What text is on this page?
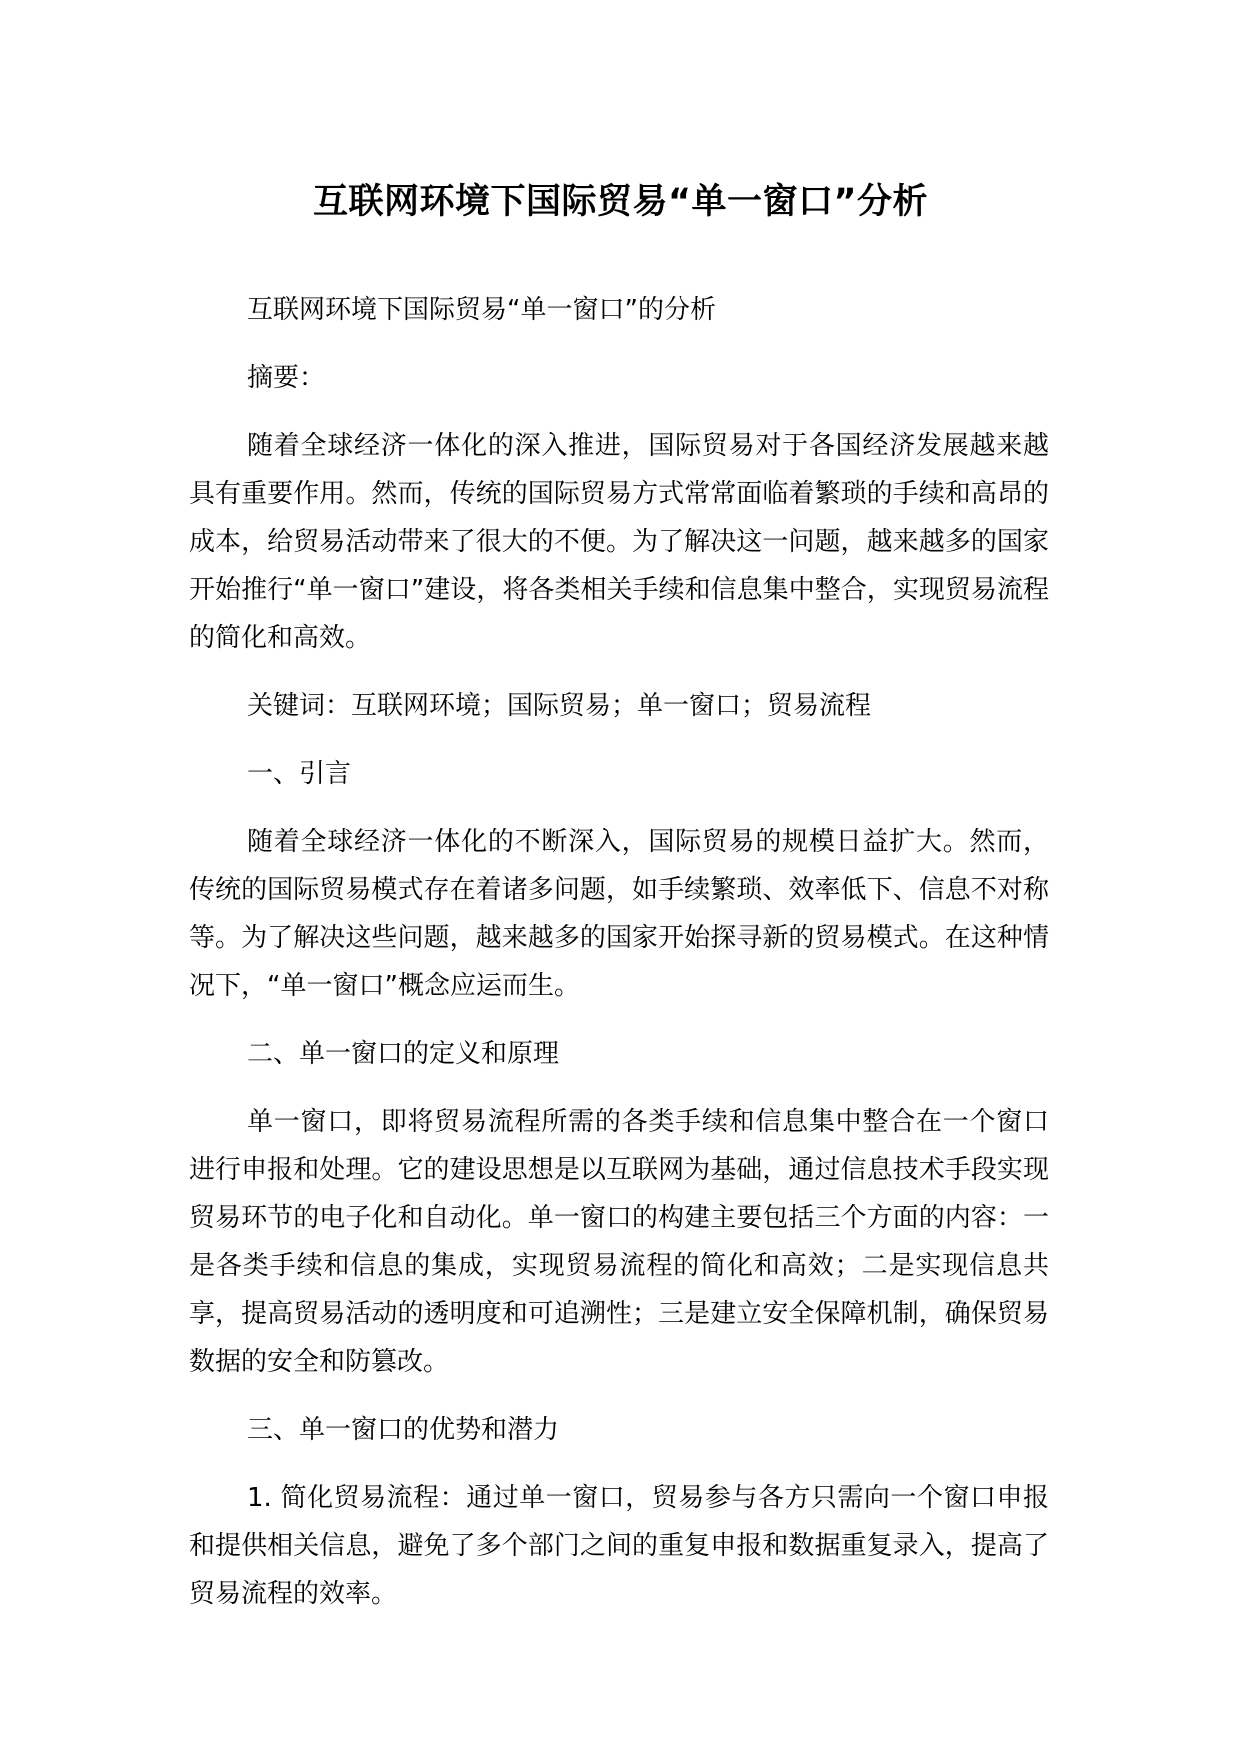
互联网环境下国际贸易“单一窗口”分析

互联网环境下国际贸易“单一窗口”的分析

摘要：

随着全球经济一体化的深入推进，国际贸易对于各国经济发展越来越具有重要作用。然而，传统的国际贸易方式常常面临着繁琐的手续和高昂的成本，给贸易活动带来了很大的不便。为了解决这一问题，越来越多的国家开始推行“单一窗口”建设，将各类相关手续和信息集中整合，实现贸易流程的简化和高效。

关键词：互联网环境；国际贸易；单一窗口；贸易流程

一、引言

随着全球经济一体化的不断深入，国际贸易的规模日益扩大。然而，传统的国际贸易模式存在着诸多问题，如手续繁琐、效率低下、信息不对称等。为了解决这些问题，越来越多的国家开始探寻新的贸易模式。在这种情况下，“单一窗口”概念应运而生。

二、单一窗口的定义和原理

单一窗口，即将贸易流程所需的各类手续和信息集中整合在一个窗口进行申报和处理。它的建设思想是以互联网为基础，通过信息技术手段实现贸易环节的电子化和自动化。单一窗口的构建主要包括三个方面的内容：一是各类手续和信息的集成，实现贸易流程的简化和高效；二是实现信息共享，提高贸易活动的透明度和可追溯性；三是建立安全保障机制，确保贸易数据的安全和防篡改。

三、单一窗口的优势和潜力

1. 简化贸易流程：通过单一窗口，贸易参与各方只需向一个窗口申报和提供相关信息，避免了多个部门之间的重复申报和数据重复录入，提高了贸易流程的效率。
